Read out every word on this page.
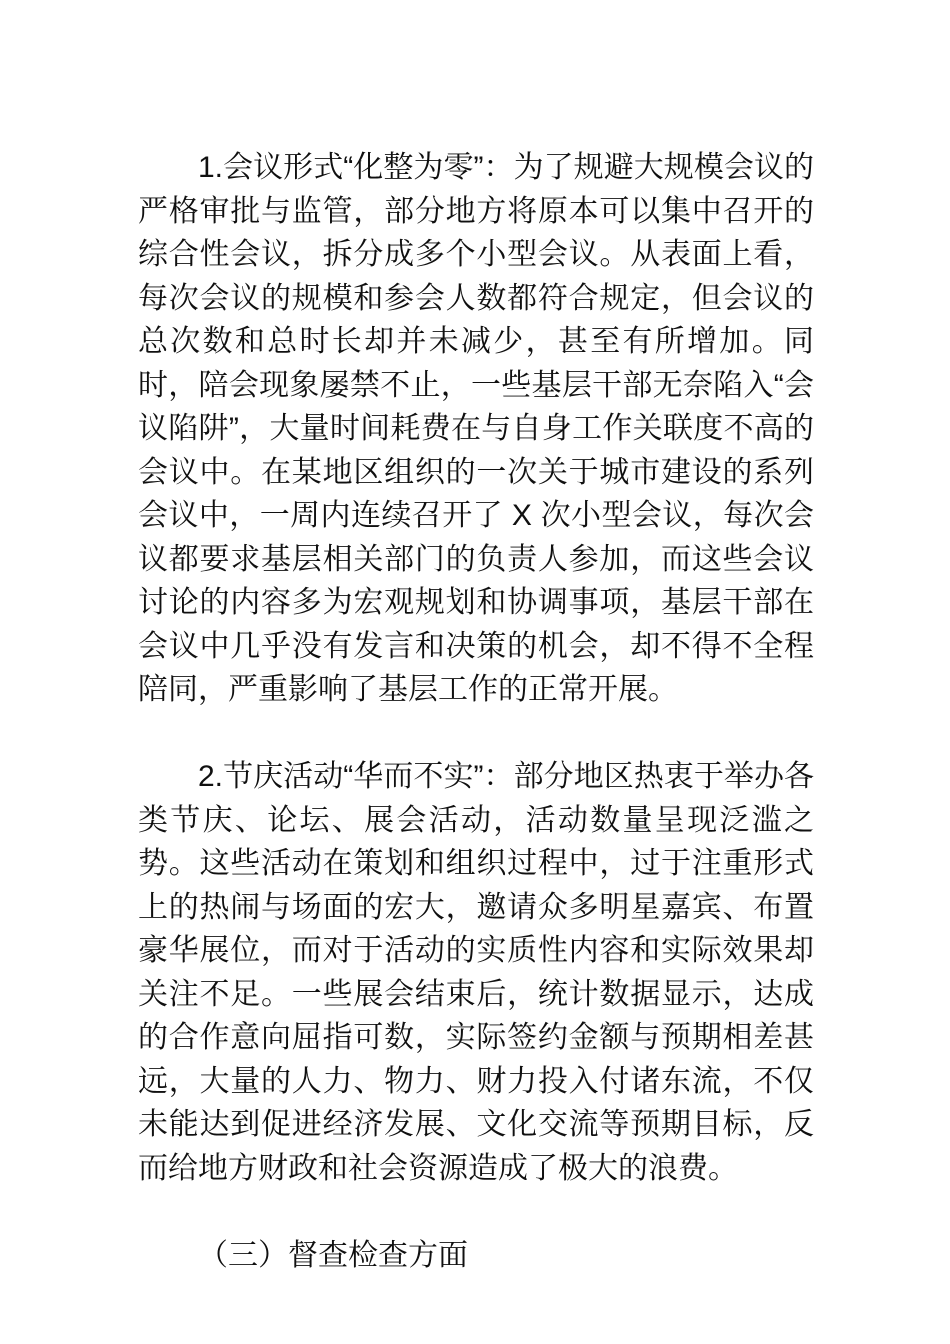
1.会议形式“化整为零”：为了规避大规模会议的严格审批与监管，部分地方将原本可以集中召开的综合性会议，拆分成多个小型会议。从表面上看，每次会议的规模和参会人数都符合规定，但会议的总次数和总时长却并未减少，甚至有所增加。同时，陪会现象屡禁不止，一些基层干部无奈陷入“会议陷阱”，大量时间耗费在与自身工作关联度不高的会议中。在某地区组织的一次关于城市建设的系列会议中，一周内连续召开了 X 次小型会议，每次会议都要求基层相关部门的负责人参加，而这些会议讨论的内容多为宏观规划和协调事项，基层干部在会议中几乎没有发言和决策的机会，却不得不全程陪同，严重影响了基层工作的正常开展。

2.节庆活动“华而不实”：部分地区热衷于举办各类节庆、论坛、展会活动，活动数量呈现泛滥之势。这些活动在策划和组织过程中，过于注重形式上的热闹与场面的宏大，邀请众多明星嘉宾、布置豪华展位，而对于活动的实质性内容和实际效果却关注不足。一些展会结束后，统计数据显示，达成的合作意向屈指可数，实际签约金额与预期相差甚远，大量的人力、物力、财力投入付诸东流，不仅未能达到促进经济发展、文化交流等预期目标，反而给地方财政和社会资源造成了极大的浪费。

（三）督查检查方面
